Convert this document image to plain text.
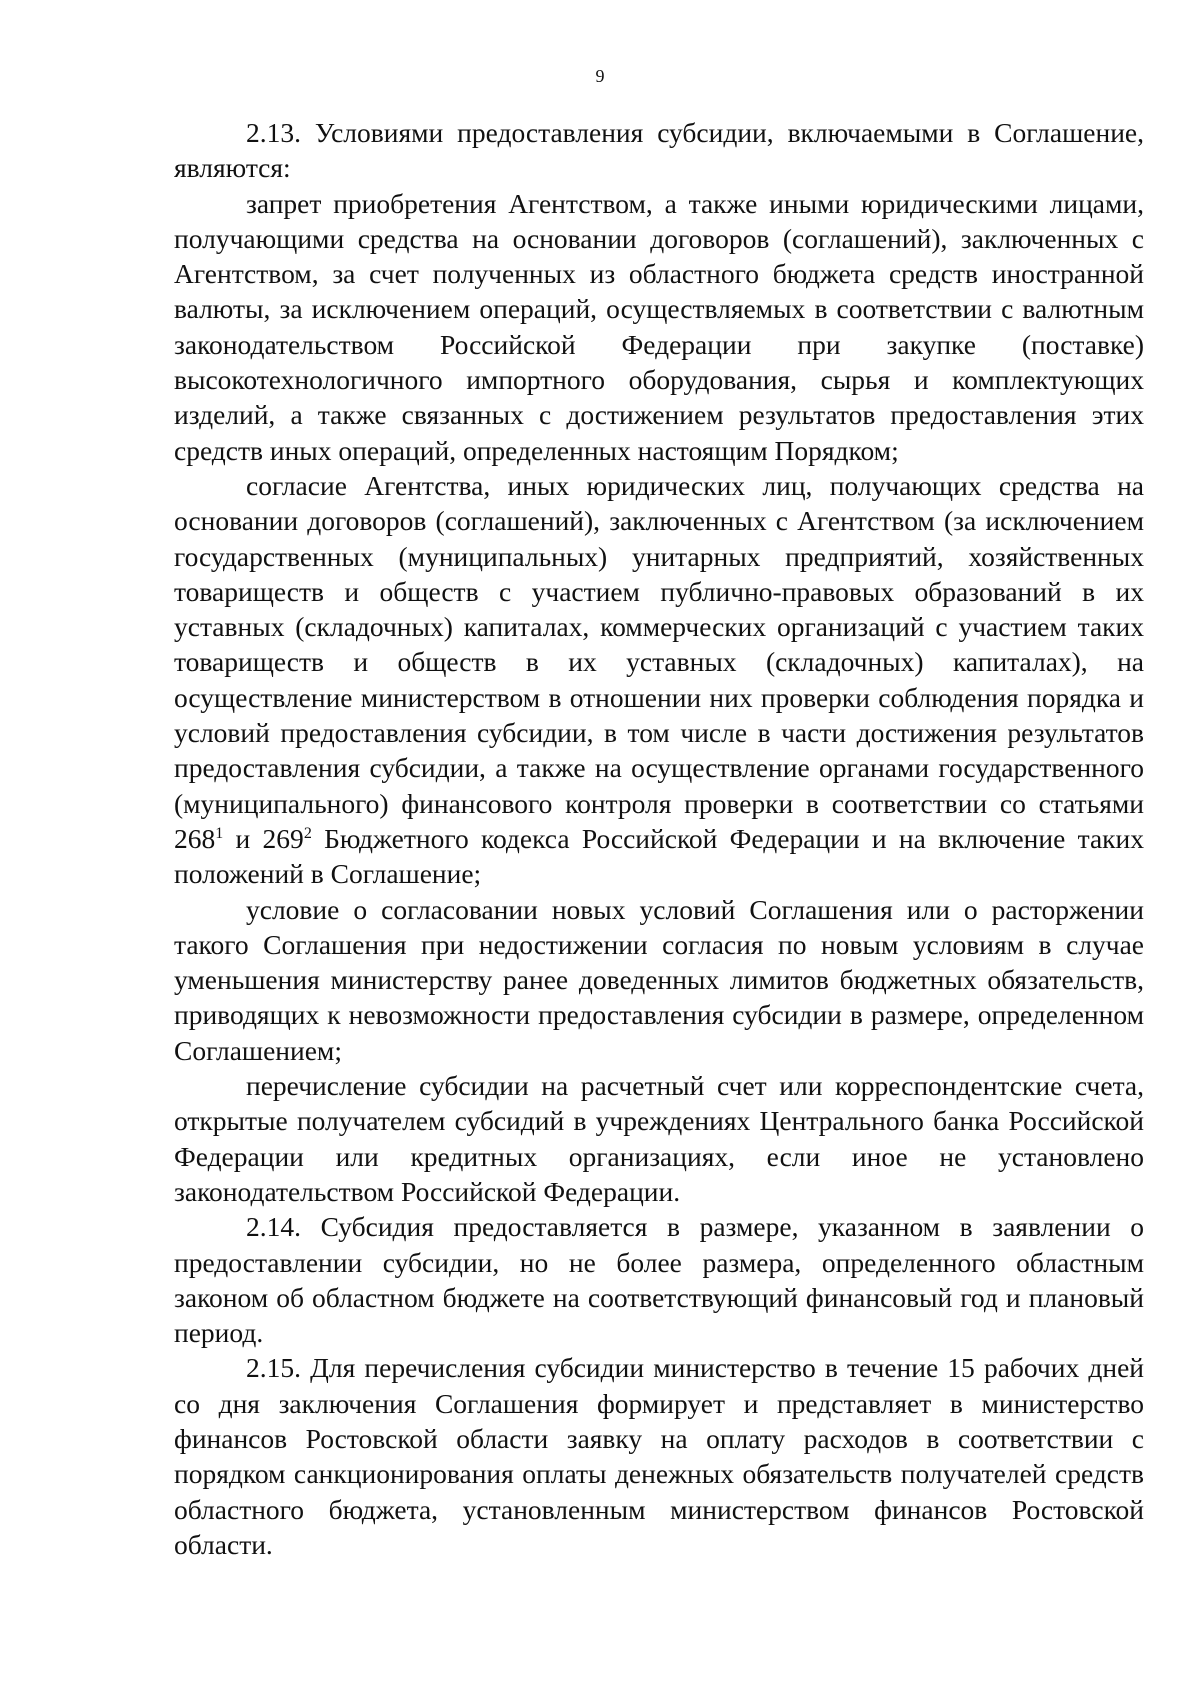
9

2.13. Условиями предоставления субсидии, включаемыми в Соглашение, являются:

запрет приобретения Агентством, а также иными юридическими лицами, получающими средства на основании договоров (соглашений), заключенных с Агентством, за счет полученных из областного бюджета средств иностранной валюты, за исключением операций, осуществляемых в соответствии с валютным законодательством Российской Федерации при закупке (поставке) высокотехнологичного импортного оборудования, сырья и комплектующих изделий, а также связанных с достижением результатов предоставления этих средств иных операций, определенных настоящим Порядком;

согласие Агентства, иных юридических лиц, получающих средства на основании договоров (соглашений), заключенных с Агентством (за исключением государственных (муниципальных) унитарных предприятий, хозяйственных товариществ и обществ с участием публично-правовых образований в их уставных (складочных) капиталах, коммерческих организаций с участием таких товариществ и обществ в их уставных (складочных) капиталах), на осуществление министерством в отношении них проверки соблюдения порядка и условий предоставления субсидии, в том числе в части достижения результатов предоставления субсидии, а также на осуществление органами государственного (муниципального) финансового контроля проверки в соответствии со статьями $268^1$ и $269^2$ Бюджетного кодекса Российской Федерации и на включение таких положений в Соглашение;

условие о согласовании новых условий Соглашения или о расторжении такого Соглашения при недостижении согласия по новым условиям в случае уменьшения министерству ранее доведенных лимитов бюджетных обязательств, приводящих к невозможности предоставления субсидии в размере, определенном Соглашением;

перечисление субсидии на расчетный счет или корреспондентские счета, открытые получателем субсидий в учреждениях Центрального банка Российской Федерации или кредитных организациях, если иное не установлено законодательством Российской Федерации.

2.14. Субсидия предоставляется в размере, указанном в заявлении о предоставлении субсидии, но не более размера, определенного областным законом об областном бюджете на соответствующий финансовый год и плановый период.

2.15. Для перечисления субсидии министерство в течение 15 рабочих дней со дня заключения Соглашения формирует и представляет в министерство финансов Ростовской области заявку на оплату расходов в соответствии с порядком санкционирования оплаты денежных обязательств получателей средств областного бюджета, установленным министерством финансов Ростовской области.
